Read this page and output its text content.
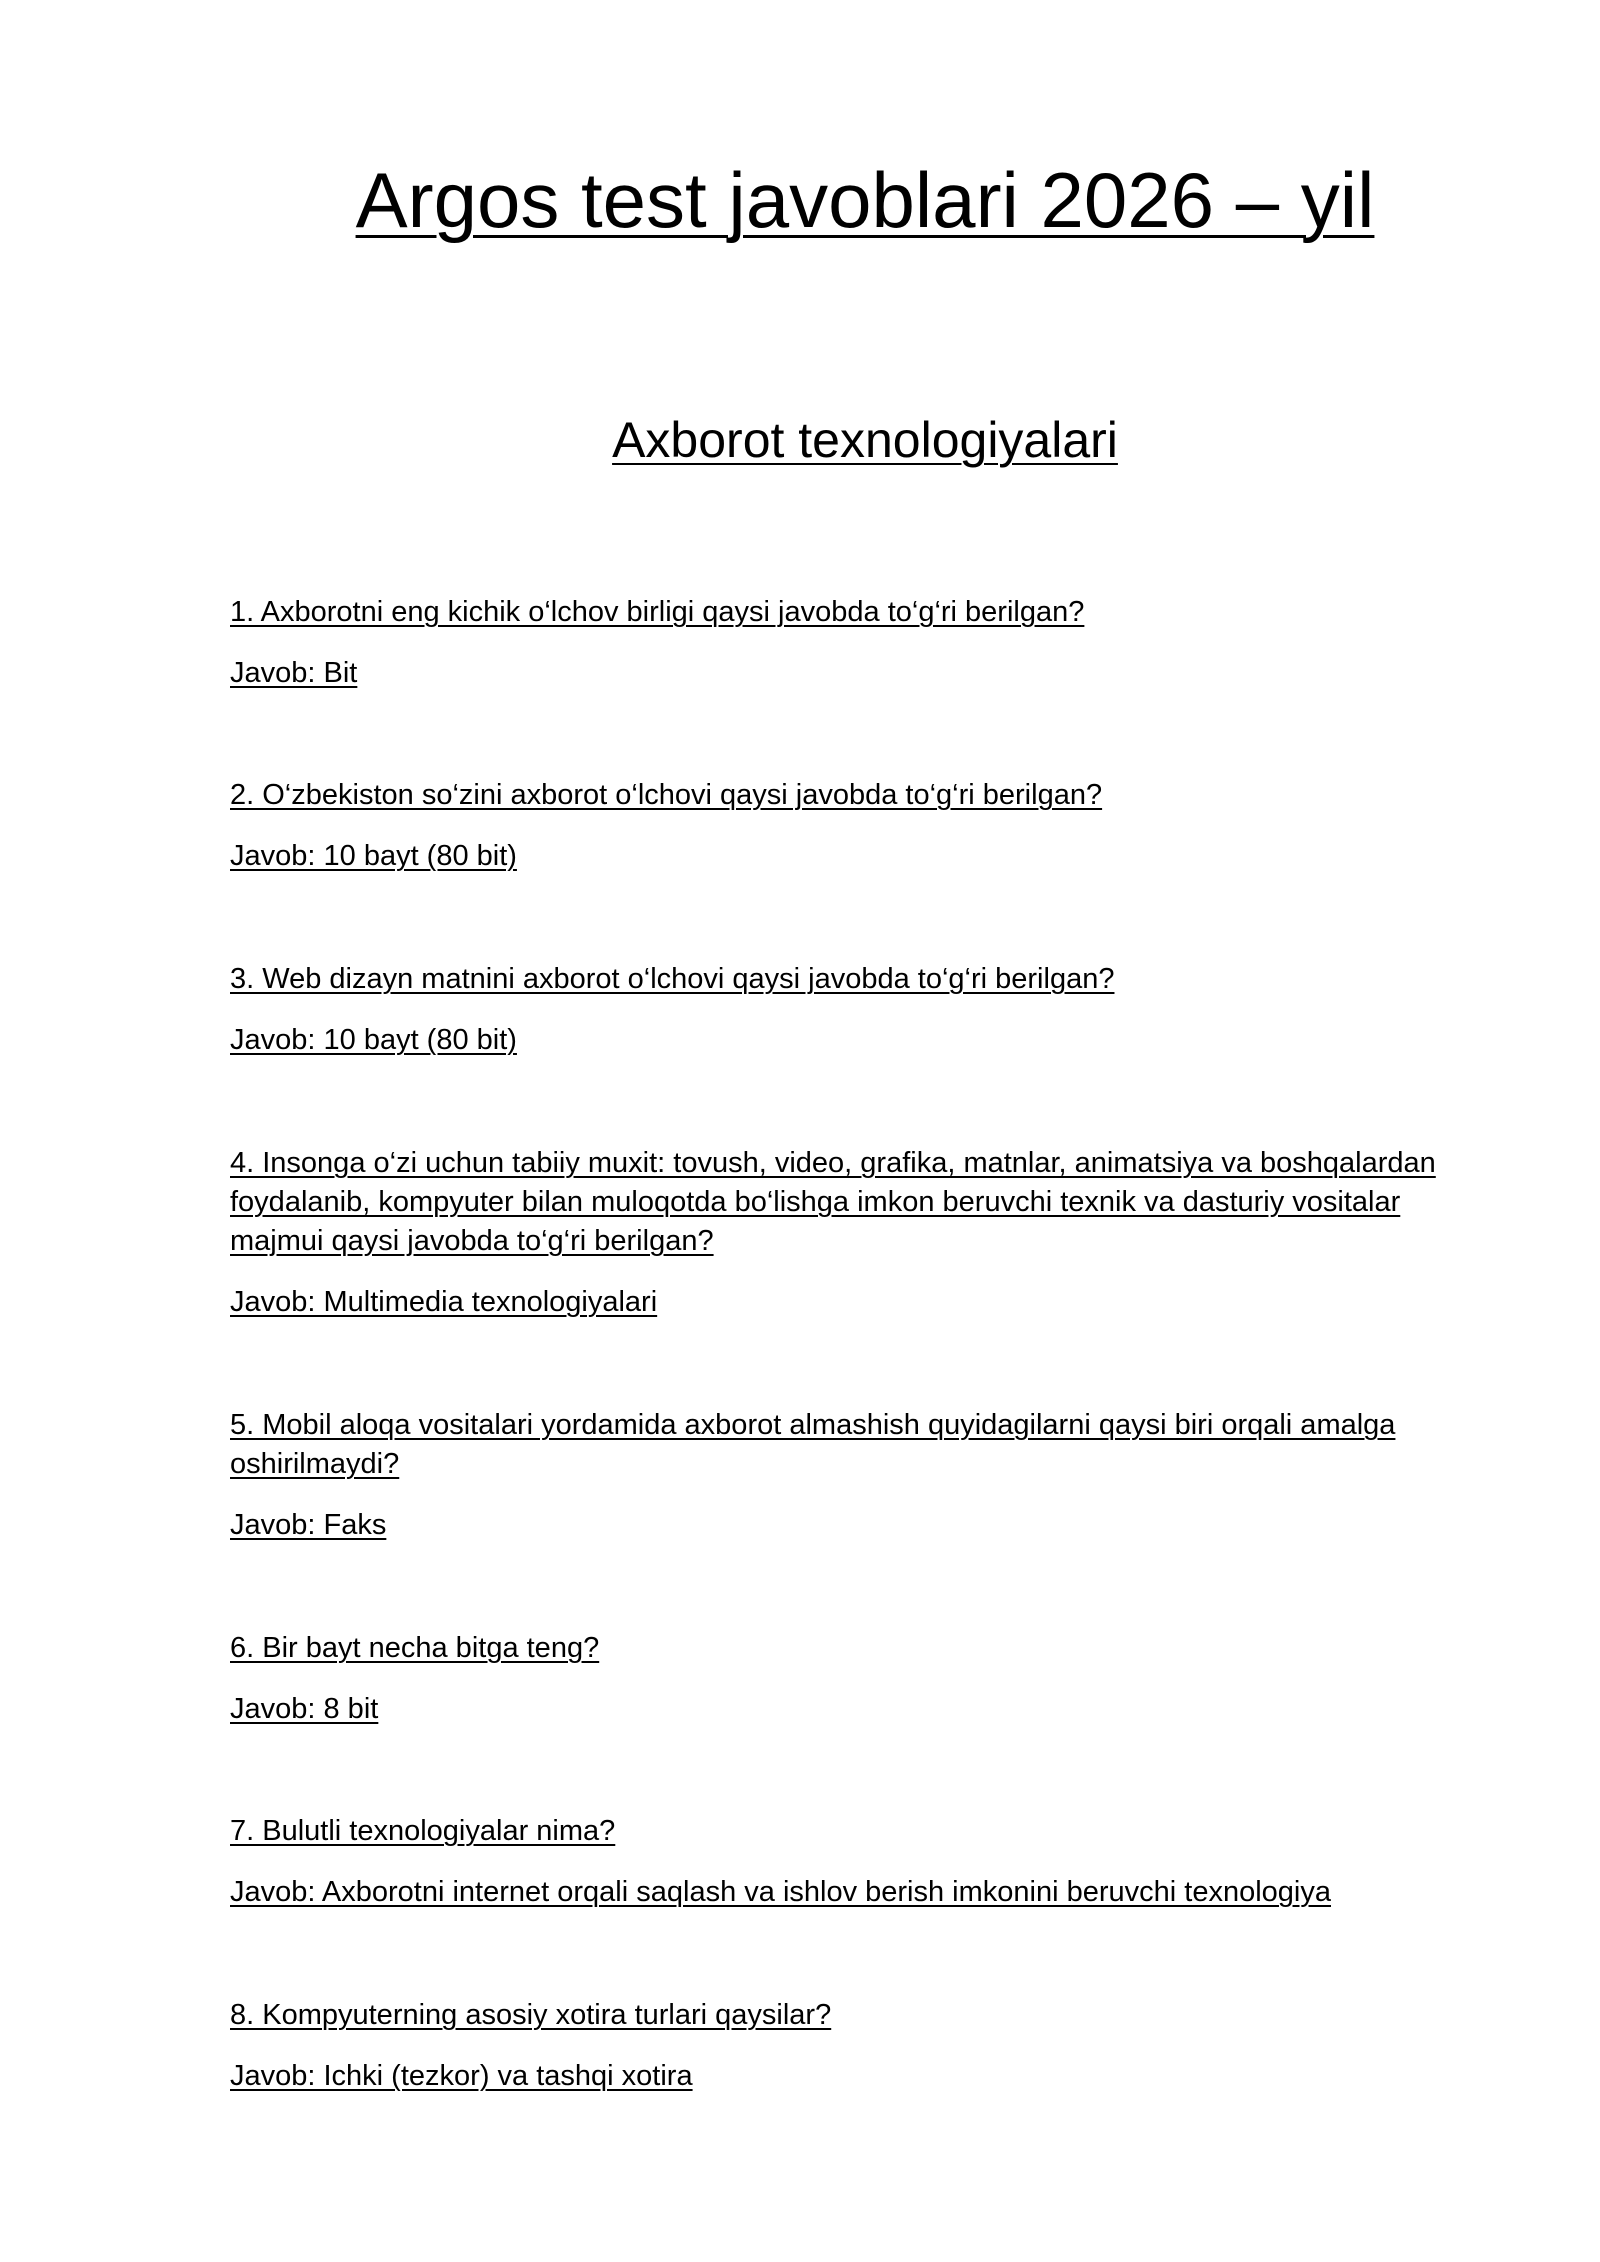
Argos test javoblari 2026 – yil
Axborot texnologiyalari

1. Axborotni eng kichik o‘lchov birligi qaysi javobda to‘g‘ri berilgan?

Javob: Bit

2. O‘zbekiston so‘zini axborot o‘lchovi qaysi javobda to‘g‘ri berilgan?

Javob: 10 bayt (80 bit)

3. Web dizayn matnini axborot o‘lchovi qaysi javobda to‘g‘ri berilgan?

Javob: 10 bayt (80 bit)

4. Insonga o‘zi uchun tabiiy muxit: tovush, video, grafika, matnlar, animatsiya va boshqalardan foydalanib, kompyuter bilan muloqotda bo‘lishga imkon beruvchi texnik va dasturiy vositalar majmui qaysi javobda to‘g‘ri berilgan?

Javob: Multimedia texnologiyalari

5. Mobil aloqa vositalari yordamida axborot almashish quyidagilarni qaysi biri orqali amalga oshirilmaydi?

Javob: Faks

6. Bir bayt necha bitga teng?

Javob: 8 bit

7. Bulutli texnologiyalar nima?

Javob: Axborotni internet orqali saqlash va ishlov berish imkonini beruvchi texnologiya

8. Kompyuterning asosiy xotira turlari qaysilar?

Javob: Ichki (tezkor) va tashqi xotira
